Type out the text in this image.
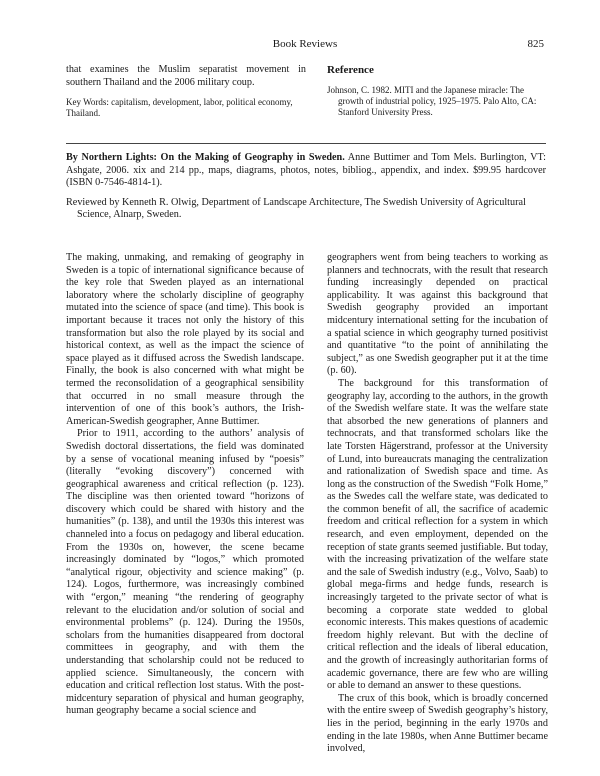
Book Reviews	825

that examines the Muslim separatist movement in southern Thailand and the 2006 military coup.

Key Words: capitalism, development, labor, political economy, Thailand.

Reference

Johnson, C. 1982. MITI and the Japanese miracle: The growth of industrial policy, 1925–1975. Palo Alto, CA: Stanford University Press.

By Northern Lights: On the Making of Geography in Sweden. Anne Buttimer and Tom Mels. Burlington, VT: Ashgate, 2006. xix and 214 pp., maps, diagrams, photos, notes, bibliog., appendix, and index. $99.95 hardcover (ISBN 0-7546-4814-1).

Reviewed by Kenneth R. Olwig, Department of Landscape Architecture, The Swedish University of Agricultural Science, Alnarp, Sweden.

The making, unmaking, and remaking of geography in Sweden is a topic of international significance because of the key role that Sweden played as an international laboratory where the scholarly discipline of geography mutated into the science of space (and time). This book is important because it traces not only the history of this transformation but also the role played by its social and historical context, as well as the impact the science of space played as it diffused across the Swedish landscape. Finally, the book is also concerned with what might be termed the reconsolidation of a geographical sensibility that occurred in no small measure through the intervention of one of this book’s authors, the Irish-American-Swedish geographer, Anne Buttimer.

Prior to 1911, according to the authors’ analysis of Swedish doctoral dissertations, the field was dominated by a sense of vocational meaning infused by “poesis” (literally “evoking discovery”) concerned with geographical awareness and critical reflection (p. 123). The discipline was then oriented toward “horizons of discovery which could be shared with history and the humanities” (p. 138), and until the 1930s this interest was channeled into a focus on pedagogy and liberal education. From the 1930s on, however, the scene became increasingly dominated by “logos,” which promoted “analytical rigour, objectivity and science making” (p. 124). Logos, furthermore, was increasingly combined with “ergon,” meaning “the rendering of geography relevant to the elucidation and/or solution of social and environmental problems” (p. 124). During the 1950s, scholars from the humanities disappeared from doctoral committees in geography, and with them the understanding that scholarship could not be reduced to applied science. Simultaneously, the concern with education and critical reflection lost status. With the post-midcentury separation of physical and human geography, human geography became a social science and

geographers went from being teachers to working as planners and technocrats, with the result that research funding increasingly depended on practical applicability. It was against this background that Swedish geography provided an important midcentury international setting for the incubation of a spatial science in which geography turned positivist and quantitative “to the point of annihilating the subject,” as one Swedish geographer put it at the time (p. 60).

The background for this transformation of geography lay, according to the authors, in the growth of the Swedish welfare state. It was the welfare state that absorbed the new generations of planners and technocrats, and that transformed scholars like the late Torsten Hägerstrand, professor at the University of Lund, into bureaucrats managing the centralization and rationalization of Swedish space and time. As long as the construction of the Swedish “Folk Home,” as the Swedes call the welfare state, was dedicated to the common benefit of all, the sacrifice of academic freedom and critical reflection for a system in which research, and even employment, depended on the reception of state grants seemed justifiable. But today, with the increasing privatization of the welfare state and the sale of Swedish industry (e.g., Volvo, Saab) to global mega-firms and hedge funds, research is increasingly targeted to the private sector of what is becoming a corporate state wedded to global economic interests. This makes questions of academic freedom highly relevant. But with the decline of critical reflection and the ideals of liberal education, and the growth of increasingly authoritarian forms of academic governance, there are few who are willing or able to demand an answer to these questions.

The crux of this book, which is broadly concerned with the entire sweep of Swedish geography’s history, lies in the period, beginning in the early 1970s and ending in the late 1980s, when Anne Buttimer became involved,
